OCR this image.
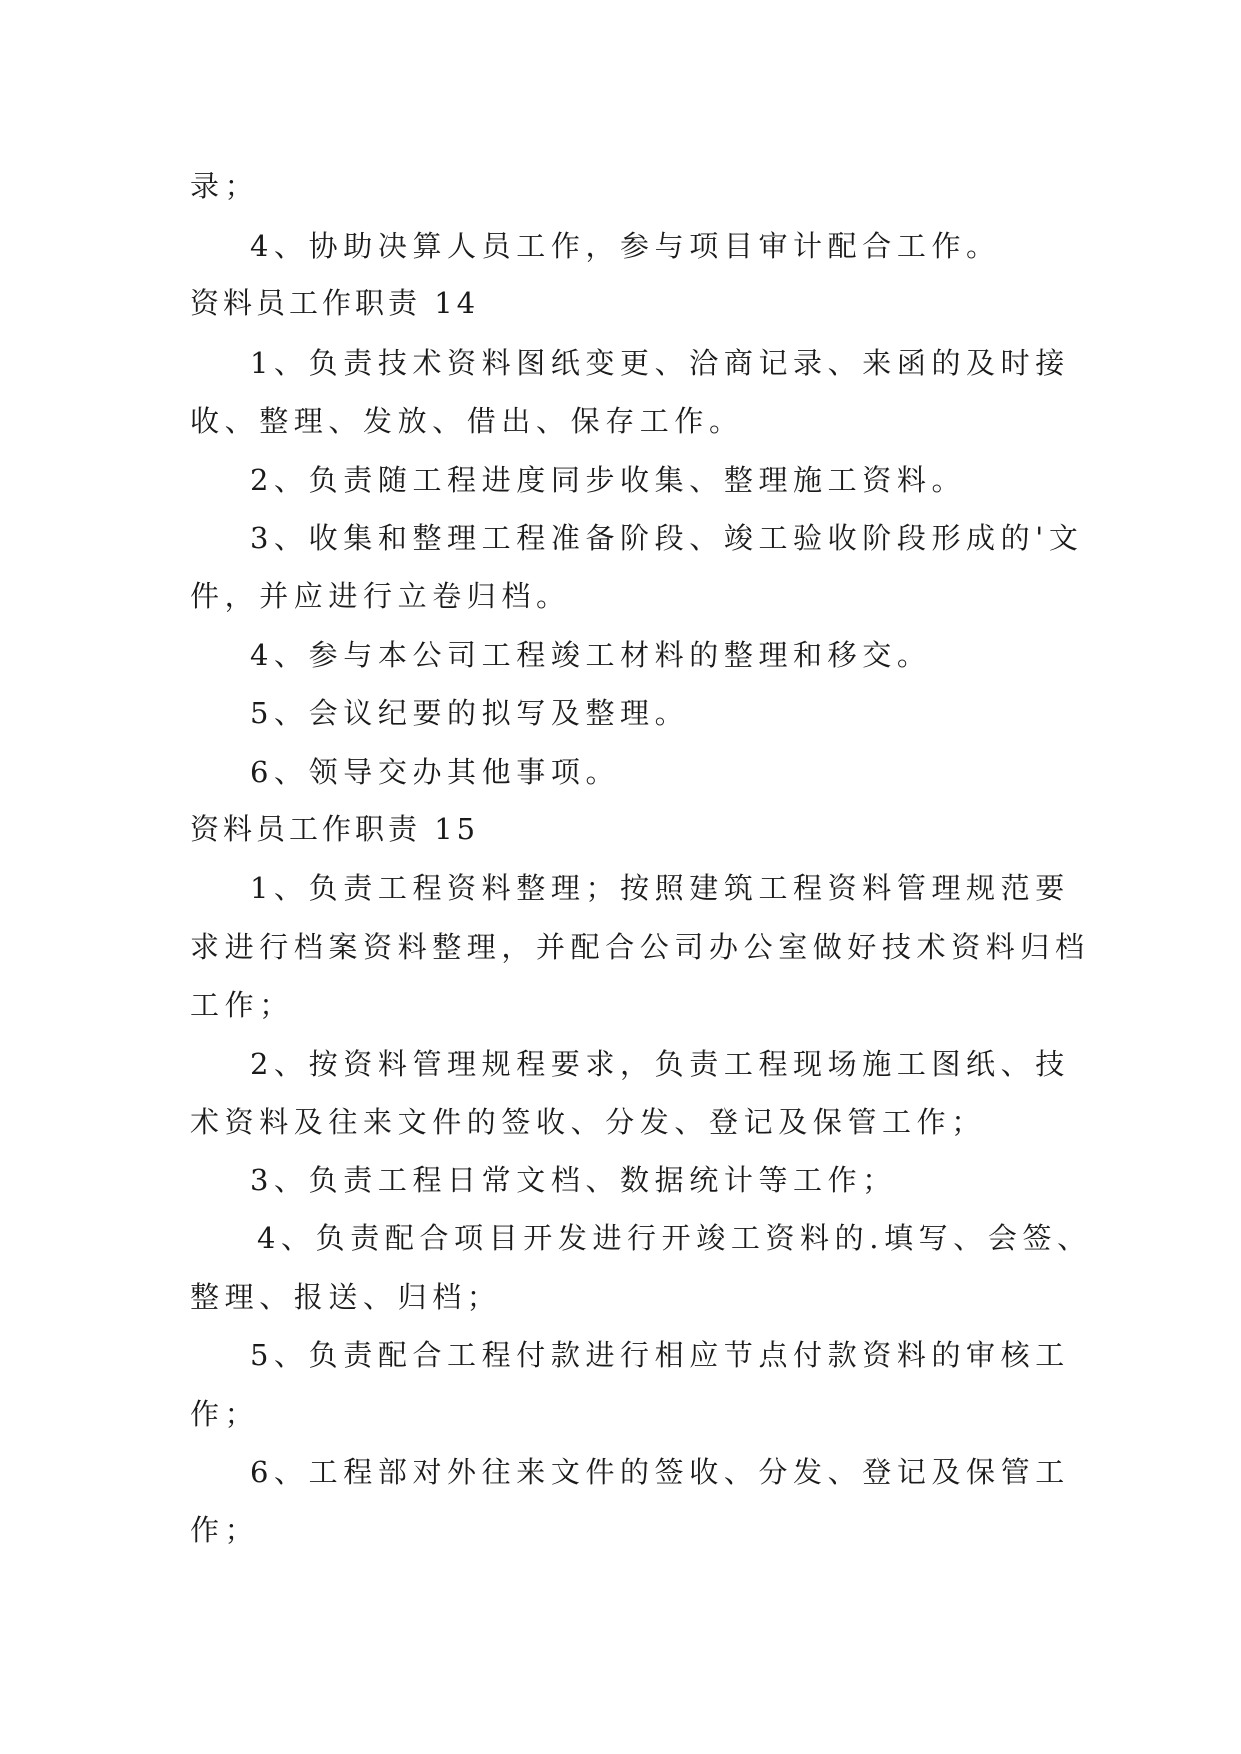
录；
4、协助决算人员工作，参与项目审计配合工作。
资料员工作职责 14
1、负责技术资料图纸变更、洽商记录、来函的及时接
收、整理、发放、借出、保存工作。
2、负责随工程进度同步收集、整理施工资料。
3、收集和整理工程准备阶段、竣工验收阶段形成的'文
件，并应进行立卷归档。
4、参与本公司工程竣工材料的整理和移交。
5、会议纪要的拟写及整理。
6、领导交办其他事项。
资料员工作职责 15
1、负责工程资料整理；按照建筑工程资料管理规范要
求进行档案资料整理，并配合公司办公室做好技术资料归档
工作；
2、按资料管理规程要求，负责工程现场施工图纸、技
术资料及往来文件的签收、分发、登记及保管工作；
3、负责工程日常文档、数据统计等工作；
4、负责配合项目开发进行开竣工资料的.填写、会签、
整理、报送、归档；
5、负责配合工程付款进行相应节点付款资料的审核工
作；
6、工程部对外往来文件的签收、分发、登记及保管工
作；
